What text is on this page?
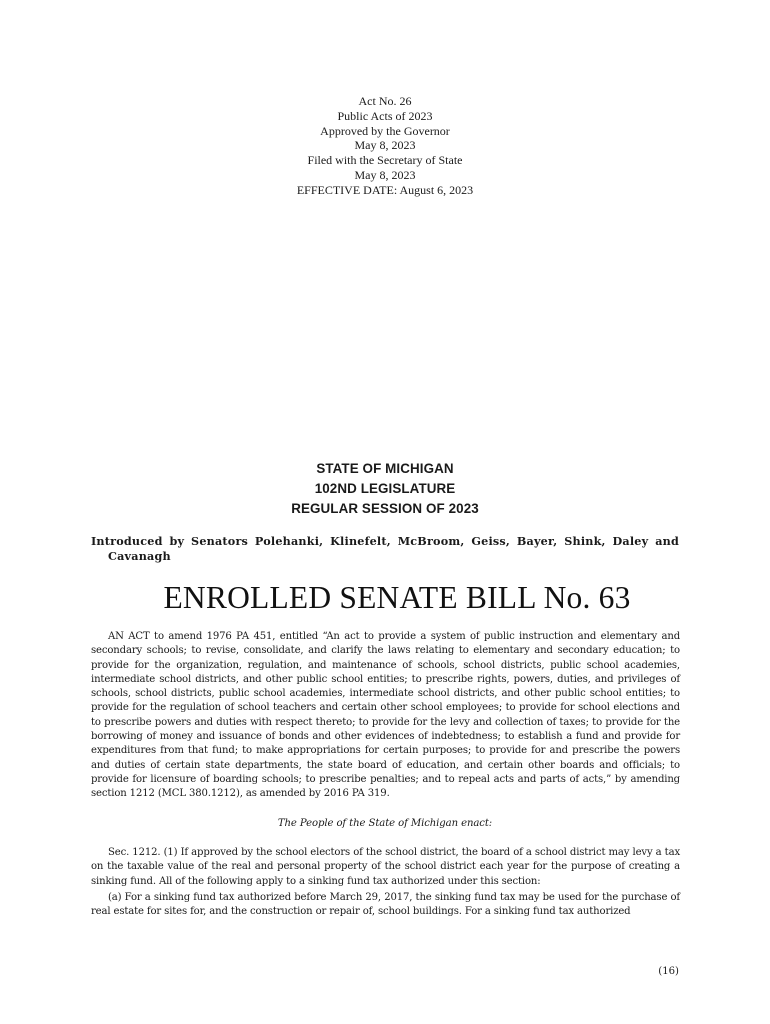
Act No. 26
Public Acts of 2023
Approved by the Governor
May 8, 2023
Filed with the Secretary of State
May 8, 2023
EFFECTIVE DATE: August 6, 2023
STATE OF MICHIGAN
102ND LEGISLATURE
REGULAR SESSION OF 2023
Introduced by Senators Polehanki, Klinefelt, McBroom, Geiss, Bayer, Shink, Daley and
Cavanagh
ENROLLED SENATE BILL No. 63

AN ACT to amend 1976 PA 451, entitled “An act to provide a system of public instruction and elementary and secondary schools; to revise, consolidate, and clarify the laws relating to elementary and secondary education; to provide for the organization, regulation, and maintenance of schools, school districts, public school academies, intermediate school districts, and other public school entities; to prescribe rights, powers, duties, and privileges of schools, school districts, public school academies, intermediate school districts, and other public school entities; to provide for the regulation of school teachers and certain other school employees; to provide for school elections and to prescribe powers and duties with respect thereto; to provide for the levy and collection of taxes; to provide for the borrowing of money and issuance of bonds and other evidences of indebtedness; to establish a fund and provide for expenditures from that fund; to make appropriations for certain purposes; to provide for and prescribe the powers and duties of certain state departments, the state board of education, and certain other boards and officials; to provide for licensure of boarding schools; to prescribe penalties; and to repeal acts and parts of acts,” by amending section 1212 (MCL 380.1212), as amended by 2016 PA 319.

The People of the State of Michigan enact:

Sec. 1212. (1) If approved by the school electors of the school district, the board of a school district may levy a tax on the taxable value of the real and personal property of the school district each year for the purpose of creating a sinking fund. All of the following apply to a sinking fund tax authorized under this section:

(a) For a sinking fund tax authorized before March 29, 2017, the sinking fund tax may be used for the purchase of real estate for sites for, and the construction or repair of, school buildings. For a sinking fund tax authorized

(16)
